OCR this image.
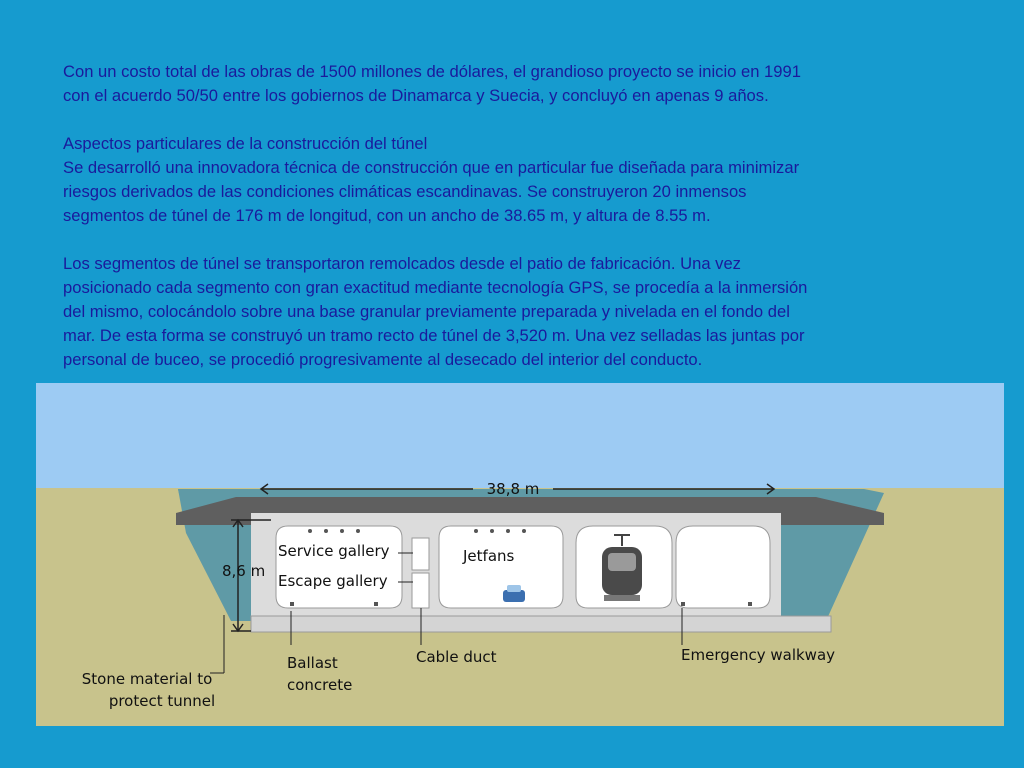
Con un costo total de las obras de 1500 millones de dólares, el grandioso proyecto se inicio en 1991
con el acuerdo 50/50 entre los gobiernos de Dinamarca y Suecia, y concluyó en apenas 9 años.

Aspectos particulares de la construcción del túnel
Se desarrolló una innovadora técnica de construcción que en particular fue diseñada para minimizar
riesgos derivados de las condiciones climáticas escandinavas. Se construyeron 20 inmensos
segmentos de túnel de 176 m de longitud, con un ancho de 38.65 m, y altura de 8.55 m.

Los segmentos de túnel se transportaron remolcados desde el patio de fabricación. Una vez
posicionado cada segmento con gran exactitud mediante tecnología GPS, se procedía a la inmersión
del mismo, colocándolo sobre una base granular previamente preparada y nivelada en el fondo del
mar. De esta forma se construyó un tramo recto de túnel de 3,520 m. Una vez selladas las juntas por
personal de buceo, se procedió progresivamente al desecado del interior del conducto.

38,8 m
8,6 m
Service gallery
Escape gallery
Jetfans
Stone material to
protect tunnel
Ballast
concrete
Cable duct	Emergency walkway
